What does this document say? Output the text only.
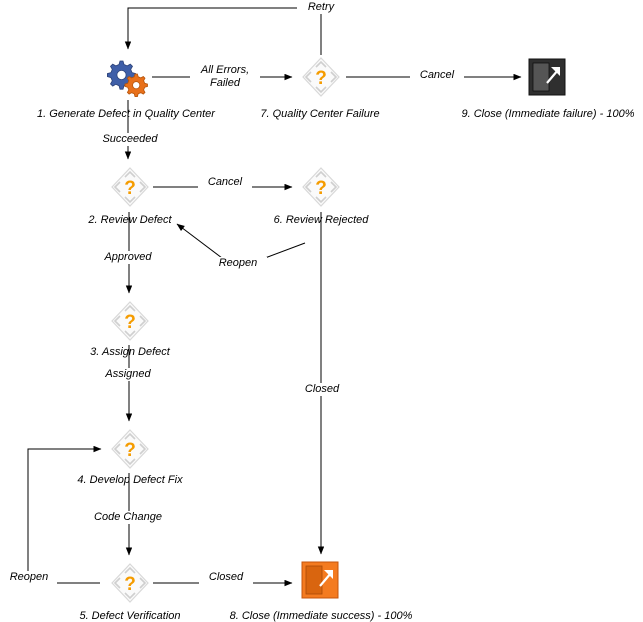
1. Generate Defect in Quality Center
?
7. Quality Center Failure	9. Close (Immediate failure) - 100%
?
2. Review Defect
?
6. Review Rejected
?
3. Assign Defect
?
4. Develop Defect Fix
?
5. Defect Verification	8. Close (Immediate success) - 100%
Retry
All Errors,
Failed
Cancel
Succeeded
Cancel
Reopen
Approved
Assigned
Closed
Code Change
Reopen	Closed
